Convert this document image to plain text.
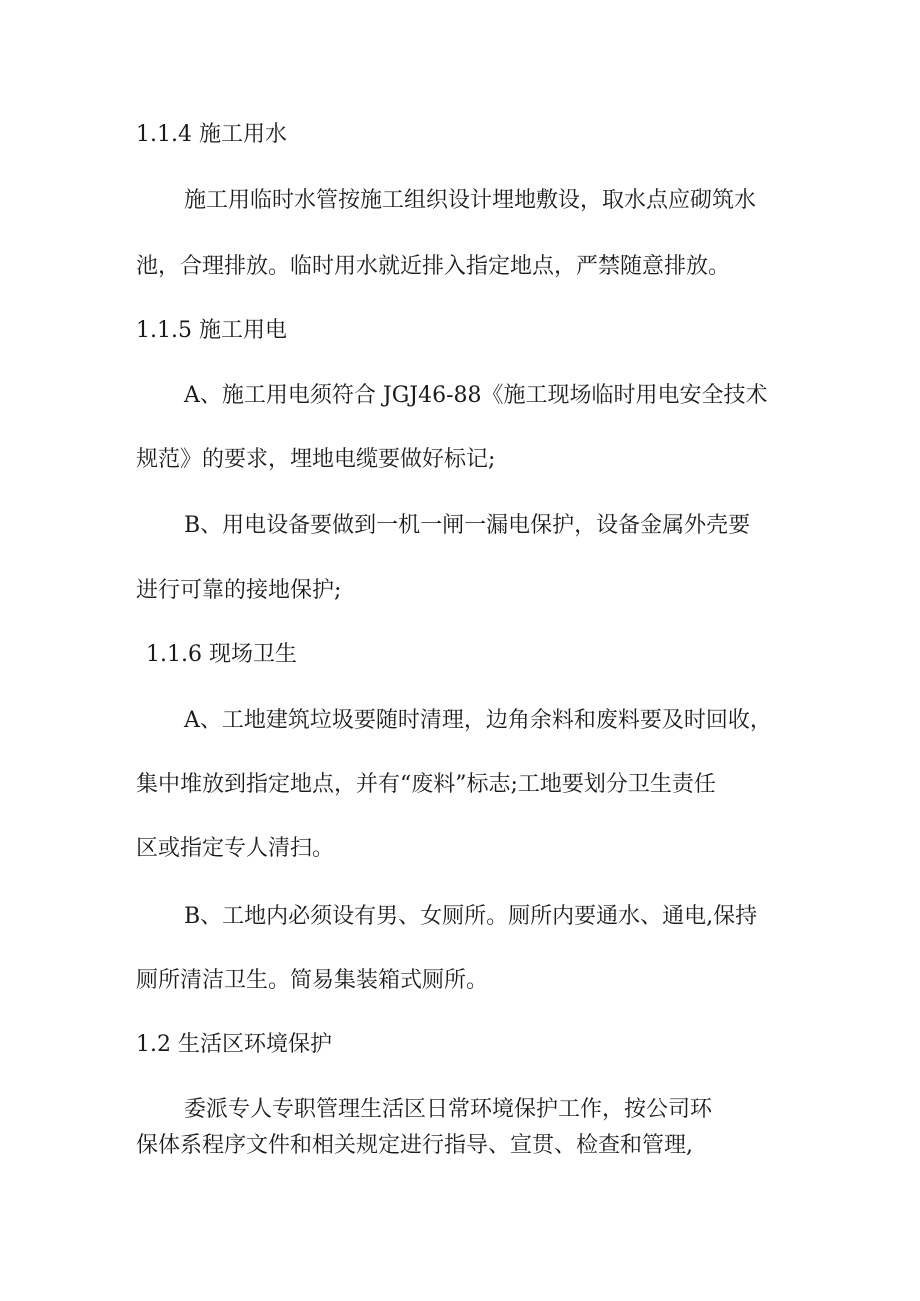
1.1.4 施工用水

施工用临时水管按施工组织设计埋地敷设，取水点应砌筑水

池，合理排放。临时用水就近排入指定地点，严禁随意排放。

1.1.5 施工用电

A、施工用电须符合 JGJ46-88《施工现场临时用电安全技术

规范》的要求，埋地电缆要做好标记;

B、用电设备要做到一机一闸一漏电保护，设备金属外壳要

进行可靠的接地保护;

1.1.6 现场卫生

A、工地建筑垃圾要随时清理，边角余料和废料要及时回收，

集中堆放到指定地点，并有“废料”标志;工地要划分卫生责任

区或指定专人清扫。

B、工地内必须设有男、女厕所。厕所内要通水、通电,保持

厕所清洁卫生。简易集装箱式厕所。

1.2 生活区环境保护

委派专人专职管理生活区日常环境保护工作，按公司环

保体系程序文件和相关规定进行指导、宣贯、检查和管理,
